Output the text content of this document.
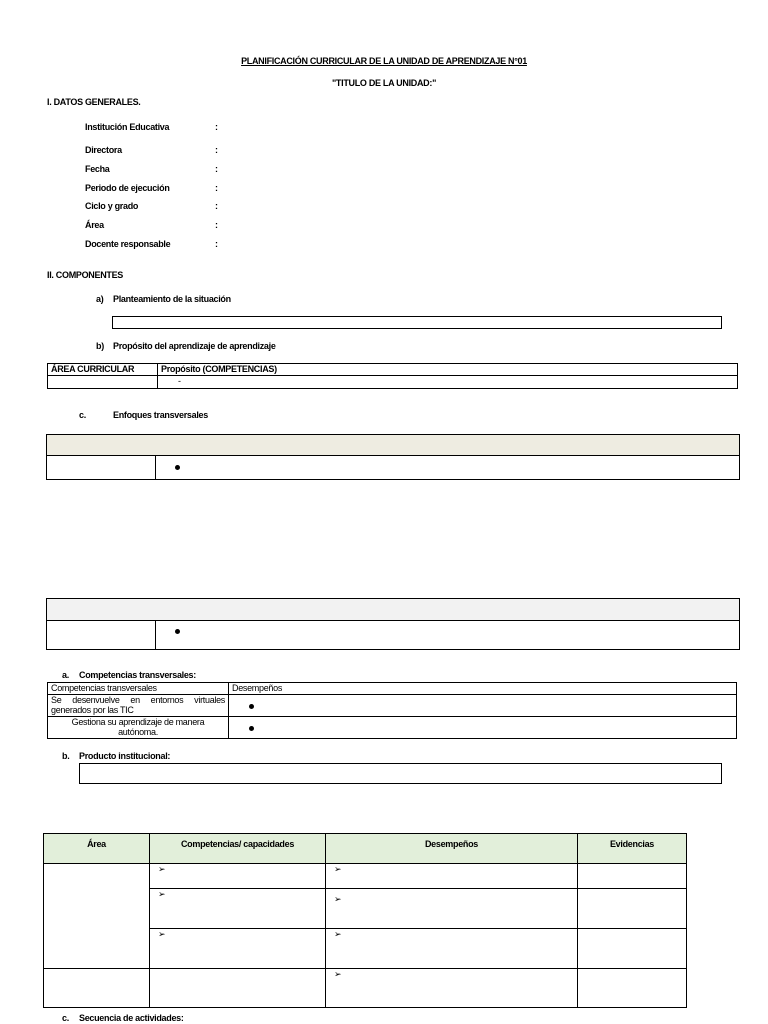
PLANIFICACIÓN CURRICULAR DE LA UNIDAD DE APRENDIZAJE N°01
"TITULO DE LA UNIDAD:"
I. DATOS GENERALES.
Institución Educativa	:
Directora	:
Fecha	:
Periodo de ejecución	:
Ciclo y grado	:
Área	:
Docente responsable	:
II. COMPONENTES
a) Planteamiento de la situación
b) Propósito del aprendizaje de aprendizaje
ÁREA CURRICULAR	Propósito (COMPETENCIAS)
	-
c.	Enfoques transversales
a. Competencias transversales:
Competencias transversales	Desempeños
Se desenvuelve en entornos virtuales generados por las TIC	
Gestiona su aprendizaje de manera autónoma.	
b. Producto institucional:
Área	Competencias/ capacidades	Desempeños	Evidencias
	➢	➢	
	➢	➢	
	➢	➢	
		➢	
c. Secuencia de actividades:
